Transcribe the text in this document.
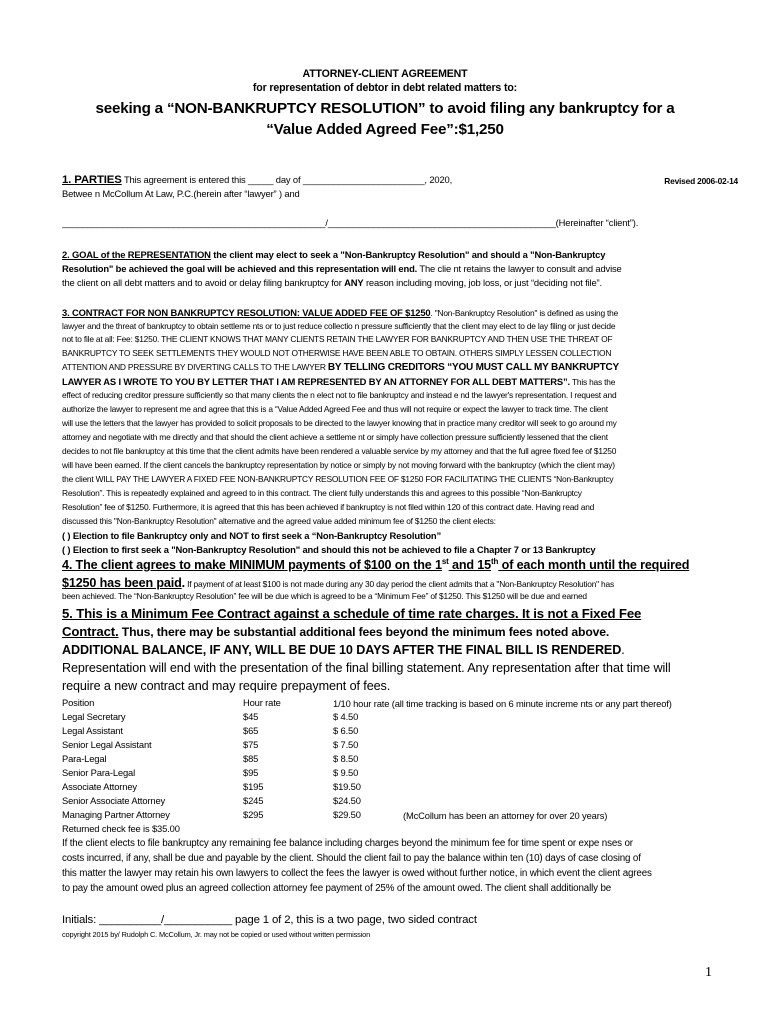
ATTORNEY-CLIENT AGREEMENT
for representation of debtor in debt related matters to:
seeking a “NON-BANKRUPTCY RESOLUTION” to avoid filing any bankruptcy for a
“Value Added Agreed Fee”:$1,250
1. PARTIES This agreement is entered this _____ day of ________________________, 2020,	Revised 2006-02-14
Betwee n McCollum At Law, P.C.(herein after “lawyer” ) and
____________________________________________________/_____________________________________________(Hereinafter “client”).
2. GOAL of the REPRESENTATION the client may elect to seek a "Non-Bankruptcy Resolution" and should a "Non-Bankruptcy
Resolution" be achieved the goal will be achieved and this representation will end. The clie nt retains the lawyer to consult and advise
the client on all debt matters and to avoid or delay filing bankruptcy for ANY reason including moving, job loss, or just “deciding not file”.
3. CONTRACT FOR NON BANKRUPTCY RESOLUTION: VALUE ADDED FEE OF $1250. "Non-Bankruptcy Resolution" is defined as using the
lawyer and the threat of bankruptcy to obtain settleme nts or to just reduce collectio n pressure sufficiently that the client may elect to de lay filing or just decide
not to file at all: Fee: $1250. THE CLIENT KNOWS THAT MANY CLIENTS RETAIN THE LAWYER FOR BANKRUPTCY AND THEN USE THE THREAT OF
BANKRUPTCY TO SEEK SETTLEMENTS THEY WOULD NOT OTHERWISE HAVE BEEN ABLE TO OBTAIN. OTHERS SIMPLY LESSEN COLLECTION
ATTENTION AND PRESSURE BY DIVERTING CALLS TO THE LAWYER BY TELLING CREDITORS “YOU MUST CALL MY BANKRUPTCY
LAWYER AS I WROTE TO YOU BY LETTER THAT I AM REPRESENTED BY AN ATTORNEY FOR ALL DEBT MATTERS”. This has the
effect of reducing creditor pressure sufficiently so that many clients the n elect not to file bankruptcy and instead e nd the lawyer's representation. I request and
authorize the lawyer to represent me and agree that this is a “Value Added Agreed Fee and thus will not require or expect the lawyer to track time. The client
will use the letters that the lawyer has provided to solicit proposals to be directed to the lawyer knowing that in practice many creditor will seek to go around my
attorney and negotiate with me directly and that should the client achieve a settleme nt or simply have collection pressure sufficiently lessened that the client
decides to not file bankruptcy at this time that the client admits have been rendered a valuable service by my attorney and that the full agree fixed fee of $1250
will have been earned. If the client cancels the bankruptcy representation by notice or simply by not moving forward with the bankruptcy (which the client may)
the client WILL PAY THE LAWYER A FIXED FEE NON-BANKRUPTCY RESOLUTION FEE OF $1250 FOR FACILITATING THE CLIENTS “Non-Bankruptcy
Resolution”. This is repeatedly explained and agreed to in this contract. The client fully understands this and agrees to this possible “Non-Bankruptcy
Resolution” fee of $1250. Furthermore, it is agreed that this has been achieved if bankruptcy is not filed within 120 of this contract date. Having read and
discussed this "Non-Bankruptcy Resolution" alternative and the agreed value added minimum fee of $1250 the client elects:
( ) Election to file Bankruptcy only and NOT to first seek a “Non-Bankruptcy Resolution”
( ) Election to first seek a "Non-Bankruptcy Resolution" and should this not be achieved to file a Chapter 7 or 13 Bankruptcy
4. The client agrees to make MINIMUM payments of $100 on the 1st and 15th of each month until the required
$1250 has been paid. If payment of at least $100 is not made during any 30 day period the client admits that a "Non-Bankruptcy Resolution" has
been achieved. The “Non-Bankruptcy Resolution” fee will be due which is agreed to be a “Minimum Fee” of $1250. This $1250 will be due and earned
5. This is a Minimum Fee Contract against a schedule of time rate charges. It is not a Fixed Fee
Contract. Thus, there may be substantial additional fees beyond the minimum fees noted above.
ADDITIONAL BALANCE, IF ANY, WILL BE DUE 10 DAYS AFTER THE FINAL BILL IS RENDERED.
Representation will end with the presentation of the final billing statement. Any representation after that time will
require a new contract and may require prepayment of fees.
Position	Hour rate	1/10 hour rate (all time tracking is based on 6 minute increme nts or any part thereof)
Legal Secretary	$45	$ 4.50
Legal Assistant	$65	$ 6.50
Senior Legal Assistant	$75	$ 7.50
Para-Legal	$85	$ 8.50
Senior Para-Legal	$95	$ 9.50
Associate Attorney	$195	$19.50
Senior Associate Attorney	$245	$24.50
Managing Partner Attorney	$295	$29.50	(McCollum has been an attorney for over 20 years)
Returned check fee is $35.00
If the client elects to file bankruptcy any remaining fee balance including charges beyond the minimum fee for time spent or expe nses or
costs incurred, if any, shall be due and payable by the client. Should the client fail to pay the balance within ten (10) days of case closing of
this matter the lawyer may retain his own lawyers to collect the fees the lawyer is owed without further notice, in which event the client agrees
to pay the amount owed plus an agreed collection attorney fee payment of 25% of the amount owed. The client shall additionally be
Initials: __________/___________ page 1 of 2, this is a two page, two sided contract
copyright 2015 by/ Rudolph C. McCollum, Jr. may not be copied or used without written permission
1
